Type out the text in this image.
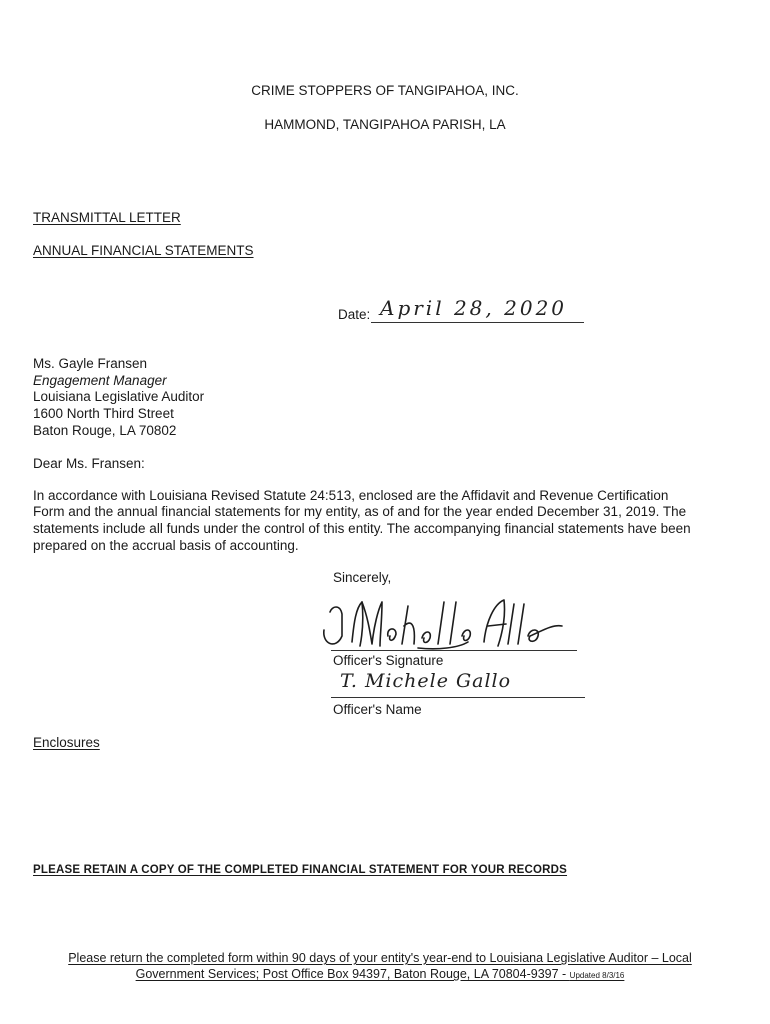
CRIME STOPPERS OF TANGIPAHOA, INC.
HAMMOND, TANGIPAHOA PARISH, LA
TRANSMITTAL LETTER
ANNUAL FINANCIAL STATEMENTS
Date: April 28, 2020
Ms. Gayle Fransen
Engagement Manager
Louisiana Legislative Auditor
1600 North Third Street
Baton Rouge, LA 70802
Dear Ms. Fransen:
In accordance with Louisiana Revised Statute 24:513, enclosed are the Affidavit and Revenue Certification
Form and the annual financial statements for my entity, as of and for the year ended December 31, 2019. The
statements include all funds under the control of this entity. The accompanying financial statements have been
prepared on the accrual basis of accounting.
Sincerely,
Officer's Signature
T. Michele Gallo
Officer's Name
Enclosures
PLEASE RETAIN A COPY OF THE COMPLETED FINANCIAL STATEMENT FOR YOUR RECORDS
Please return the completed form within 90 days of your entity's year-end to Louisiana Legislative Auditor – Local
Government Services; Post Office Box 94397, Baton Rouge, LA 70804-9397 - Updated 8/3/16
